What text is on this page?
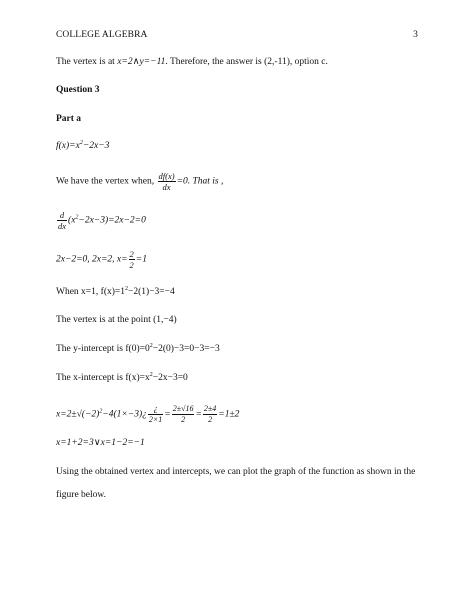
COLLEGE ALGEBRA	3
The vertex is at x=2∧y=−11. Therefore, the answer is (2,-11), option c.
Question 3
Part a
$f(x)=x^2-2x-3$
We have the vertex when, $\frac{df(x)}{dx} =0$. That is ,
$\frac{d}{dx} (x^2-2x-3)=2x-2=0$
2x−2=0, 2x=2, $x= \frac{2}{2} =1$
When x=1, $f(x)=1^2-2(1)-3=-4$
The vertex is at the point (1,−4)
The y-intercept is $f(0)=0^2-2(0)-3=0-3=-3$
The x-intercept is $f(x)=x^2-2x-3=0$
$x=2\pm√(-2)^2-4(1\times-3)¿ \frac{¿}{2\times 1} = \frac{2\pm√16}{2} = \frac{2\pm 4}{2} =1\pm 2$
x=1+2=3∨x=1−2=−1
Using the obtained vertex and intercepts, we can plot the graph of the function as shown in the
figure below.
